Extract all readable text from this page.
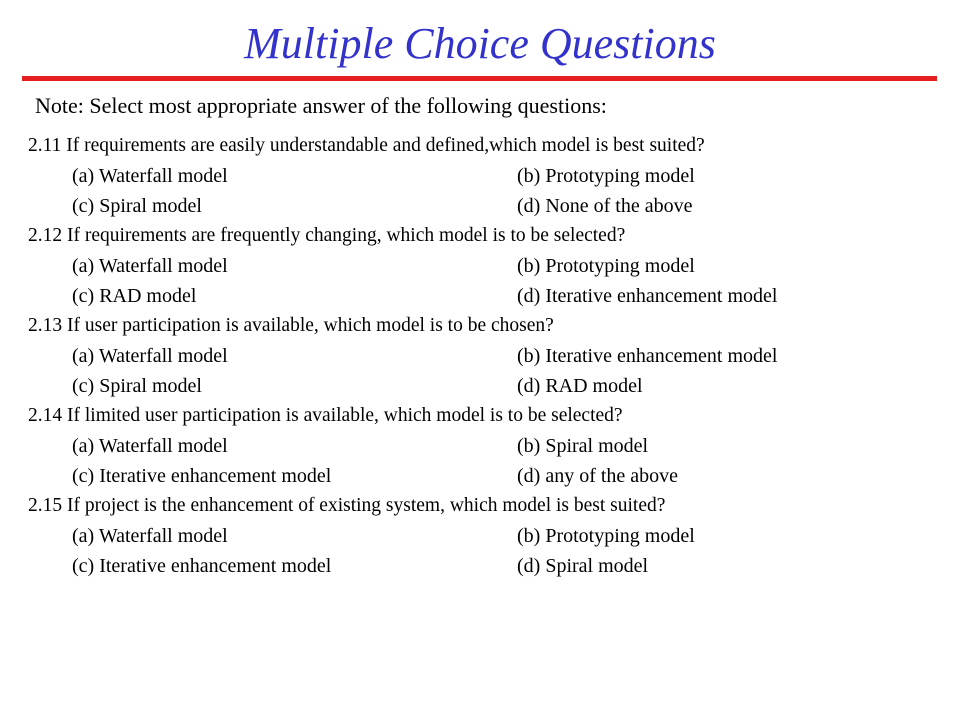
Multiple Choice Questions
Note: Select most appropriate answer of the following questions:
2.11 If requirements are easily understandable and defined,which model is best suited?
(a) Waterfall model	(b) Prototyping model
(c) Spiral model	(d) None of the above
2.12 If requirements are frequently changing, which model is to be selected?
(a) Waterfall model	(b) Prototyping model
(c) RAD model	(d) Iterative enhancement model
2.13 If user participation is available, which model is to be chosen?
(a) Waterfall model	(b) Iterative enhancement model
(c) Spiral model	(d) RAD model
2.14 If limited user participation is available, which model is to be selected?
(a) Waterfall model	(b) Spiral model
(c) Iterative enhancement model	(d) any of the above
2.15 If project is the enhancement of existing system, which model is best suited?
(a) Waterfall model	(b) Prototyping model
(c) Iterative enhancement model	(d) Spiral model
